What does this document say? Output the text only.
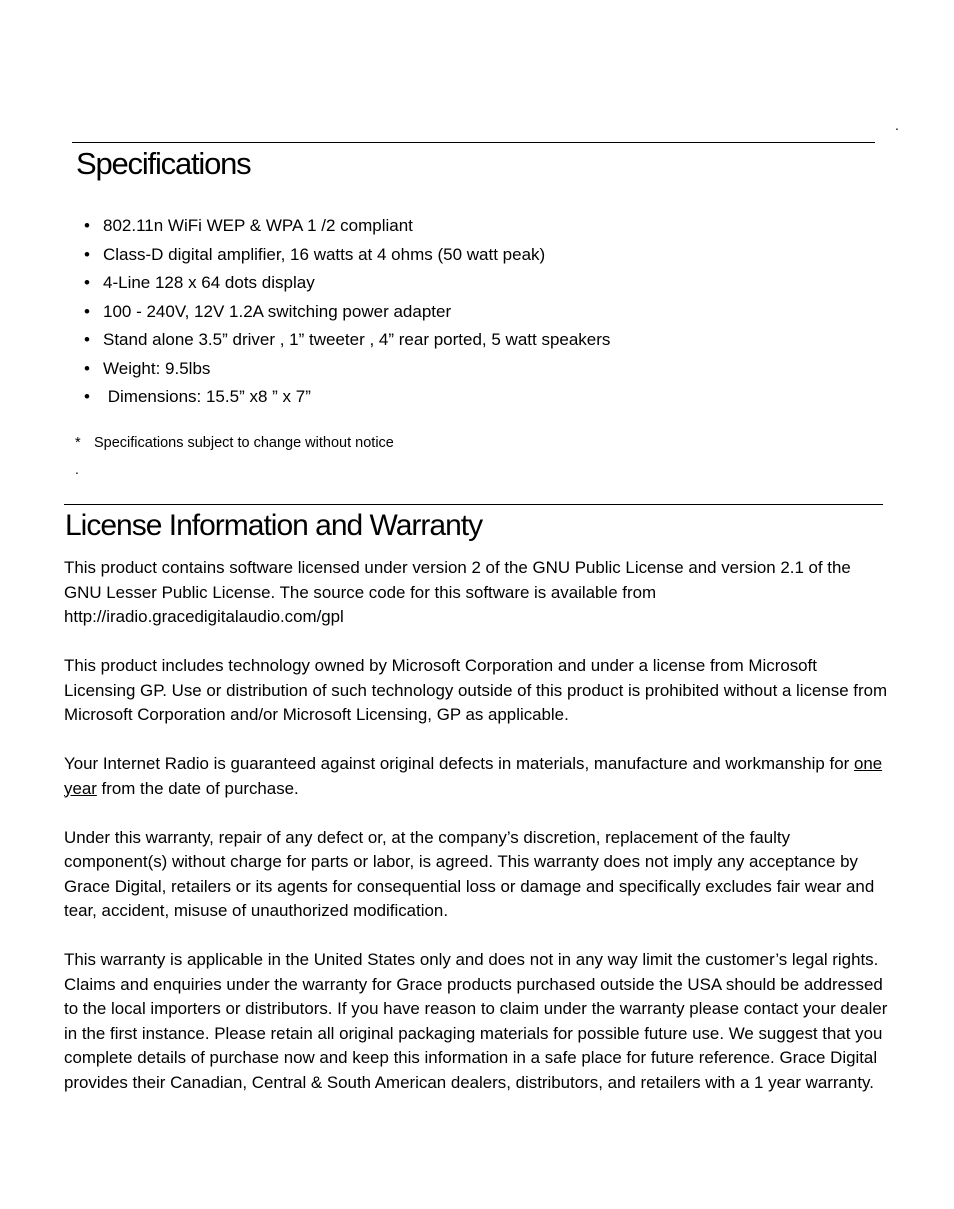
.
Specifications
• 802.11n WiFi WEP & WPA 1 /2 compliant
• Class-D digital amplifier, 16 watts at 4 ohms (50 watt peak)
• 4-Line 128 x 64 dots display
• 100 - 240V, 12V 1.2A switching power adapter
• Stand alone 3.5” driver , 1” tweeter , 4” rear ported, 5 watt speakers
• Weight: 9.5lbs
• Dimensions: 15.5” x8 ” x 7”
* Specifications subject to change without notice
.
License Information and Warranty

This product contains software licensed under version 2 of the GNU Public License and version 2.1 of the GNU Lesser Public License. The source code for this software is available from http://iradio.gracedigitalaudio.com/gpl

This product includes technology owned by Microsoft Corporation and under a license from Microsoft Licensing GP. Use or distribution of such technology outside of this product is prohibited without a license from Microsoft Corporation and/or Microsoft Licensing, GP as applicable.

Your Internet Radio is guaranteed against original defects in materials, manufacture and workmanship for one year from the date of purchase.

Under this warranty, repair of any defect or, at the company’s discretion, replacement of the faulty component(s) without charge for parts or labor, is agreed. This warranty does not imply any acceptance by Grace Digital, retailers or its agents for consequential loss or damage and specifically excludes fair wear and tear, accident, misuse of unauthorized modification.

This warranty is applicable in the United States only and does not in any way limit the customer’s legal rights. Claims and enquiries under the warranty for Grace products purchased outside the USA should be addressed to the local importers or distributors. If you have reason to claim under the warranty please contact your dealer in the first instance. Please retain all original packaging materials for possible future use. We suggest that you complete details of purchase now and keep this information in a safe place for future reference. Grace Digital provides their Canadian, Central & South American dealers, distributors, and retailers with a 1 year warranty.
